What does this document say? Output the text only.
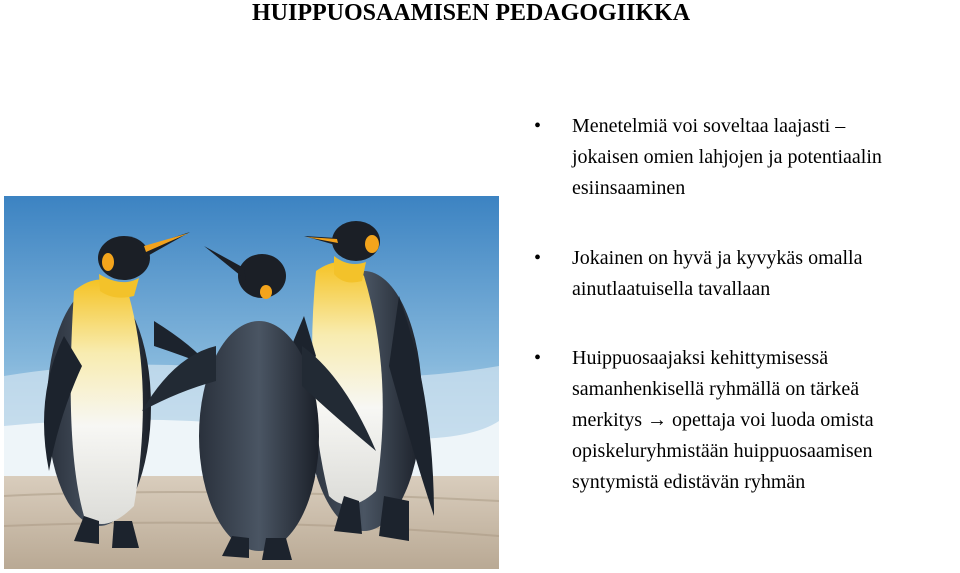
HUIPPUOSAAMISEN PEDAGOGIIKKA
•	Menetelmiä voi soveltaa laajasti –
jokaisen omien lahjojen ja potentiaalin
esiinsaaminen
•	Jokainen on hyvä ja kyvykäs omalla
ainutlaatuisella tavallaan
•	Huippuosaajaksi kehittymisessä
samanhenkisellä ryhmällä on tärkeä
merkitys → opettaja voi luoda omista
opiskeluryhmistään huippuosaamisen
syntymistä edistävän ryhmän
